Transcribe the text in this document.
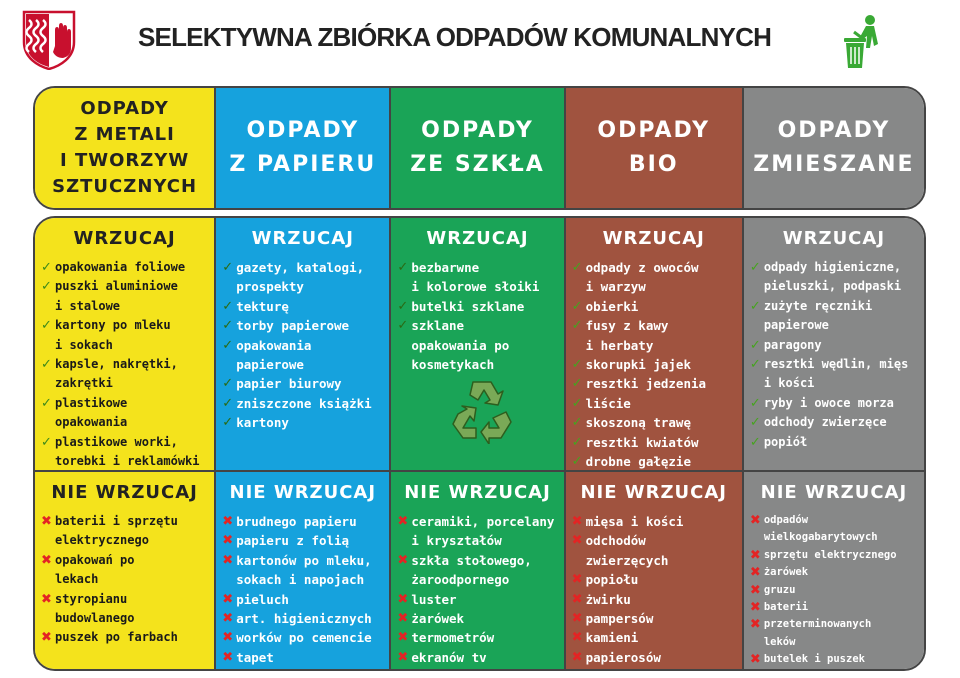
SELEKTYWNA ZBIÓRKA ODPADÓW KOMUNALNYCH
ODPADY
Z METALI
I TWORZYW
SZTUCZNYCH
ODPADY
Z PAPIERU
ODPADY
ZE SZKŁA
ODPADY
BIO
ODPADY
ZMIESZANE
WRZUCAJ
✓ opakowania foliowe
✓ puszki aluminiowe
i stalowe
✓ kartony po mleku
i sokach
✓ kapsle, nakrętki,
zakrętki
✓ plastikowe
opakowania
✓ plastikowe worki,
torebki i reklamówki
NIE WRZUCAJ
✖ baterii i sprzętu
elektrycznego
✖ opakowań po
lekach
✖ styropianu
budowlanego
✖ puszek po farbach
WRZUCAJ
✓ gazety, katalogi,
prospekty
✓ tekturę
✓ torby papierowe
✓ opakowania
papierowe
✓ papier biurowy
✓ zniszczone książki
✓ kartony
NIE WRZUCAJ
✖ brudnego papieru
✖ papieru z folią
✖ kartonów po mleku,
sokach i napojach
✖ pieluch
✖ art. higienicznych
✖ worków po cemencie
✖ tapet
WRZUCAJ
✓ bezbarwne
i kolorowe słoiki
✓ butelki szklane
✓ szklane
opakowania po
kosmetykach
NIE WRZUCAJ
✖ ceramiki, porcelany
i kryształów
✖ szkła stołowego,
żaroodpornego
✖ luster
✖ żarówek
✖ termometrów
✖ ekranów tv
WRZUCAJ
✓ odpady z owoców
i warzyw
✓ obierki
✓ fusy z kawy
i herbaty
✓ skorupki jajek
✓ resztki jedzenia
✓ liście
✓ skoszoną trawę
✓ resztki kwiatów
✓ drobne gałęzie
NIE WRZUCAJ
✖ mięsa i kości
✖ odchodów
zwierzęcych
✖ popiołu
✖ żwirku
✖ pampersów
✖ kamieni
✖ papierosów
WRZUCAJ
✓ odpady higieniczne,
pieluszki, podpaski
✓ zużyte ręczniki
papierowe
✓ paragony
✓ resztki wędlin, mięs
i kości
✓ ryby i owoce morza
✓ odchody zwierzęce
✓ popiół
NIE WRZUCAJ
✖ odpadów
wielkogabarytowych
✖ sprzętu elektrycznego
✖ żarówek
✖ gruzu
✖ baterii
✖ przeterminowanych
leków
✖ butelek i puszek
